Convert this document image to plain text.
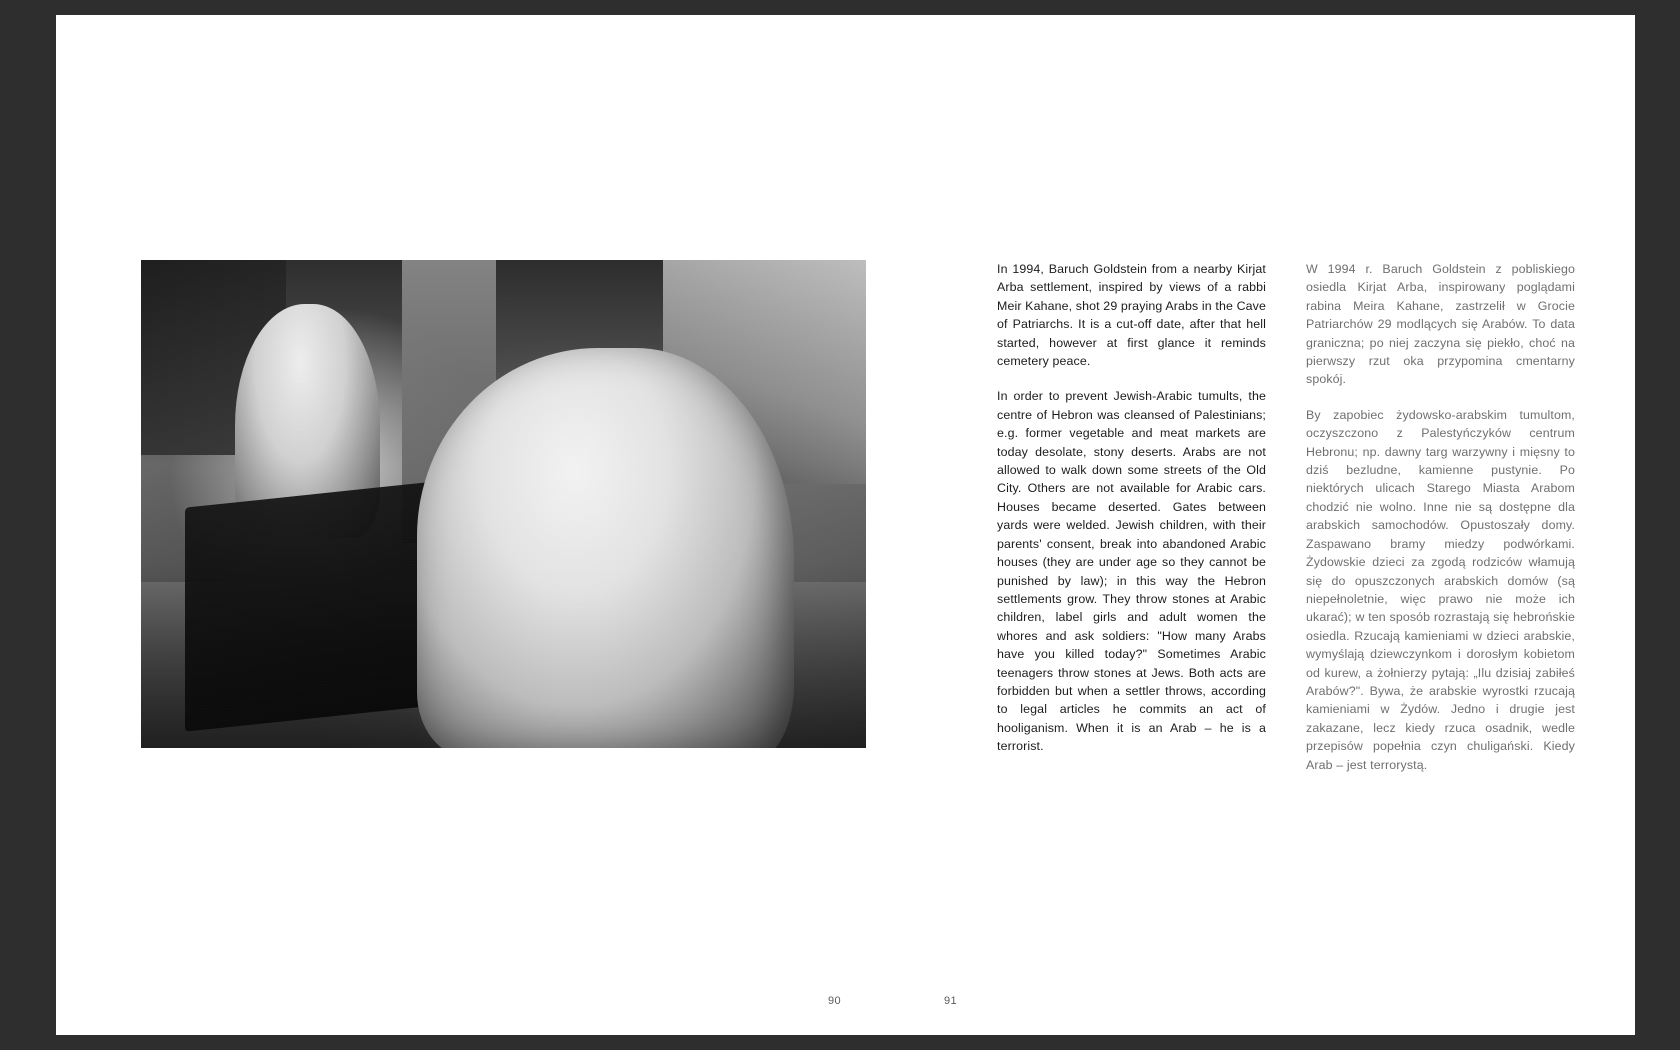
In 1994, Baruch Goldstein from a nearby Kirjat Arba settlement, inspired by views of a rabbi Meir Kahane, shot 29 praying Arabs in the Cave of Patriarchs. It is a cut-off date, after that hell started, however at first glance it reminds cemetery peace.

In order to prevent Jewish-Arabic tumults, the centre of Hebron was cleansed of Palestinians; e.g. former vegetable and meat markets are today desolate, stony deserts. Arabs are not allowed to walk down some streets of the Old City. Others are not available for Arabic cars. Houses became deserted. Gates between yards were welded. Jewish children, with their parents' consent, break into abandoned Arabic houses (they are under age so they cannot be punished by law); in this way the Hebron settlements grow. They throw stones at Arabic children, label girls and adult women the whores and ask soldiers: "How many Arabs have you killed today?" Sometimes Arabic teenagers throw stones at Jews. Both acts are forbidden but when a settler throws, according to legal articles he commits an act of hooliganism. When it is an Arab – he is a terrorist.

W 1994 r. Baruch Goldstein z pobliskiego osiedla Kirjat Arba, inspirowany poglądami rabina Meira Kahane, zastrzelił w Grocie Patriarchów 29 modlących się Arabów. To data graniczna; po niej zaczyna się piekło, choć na pierwszy rzut oka przypomina cmentarny spokój.

By zapobiec żydowsko-arabskim tumultom, oczyszczono z Palestyńczyków centrum Hebronu; np. dawny targ warzywny i mięsny to dziś bezludne, kamienne pustynie. Po niektórych ulicach Starego Miasta Arabom chodzić nie wolno. Inne nie są dostępne dla arabskich samochodów. Opustoszały domy. Zaspawano bramy miedzy podwórkami. Żydowskie dzieci za zgodą rodziców włamują się do opuszczonych arabskich domów (są niepełnoletnie, więc prawo nie może ich ukarać); w ten sposób rozrastają się hebrońskie osiedla. Rzucają kamieniami w dzieci arabskie, wymyślają dziewczynkom i dorosłym kobietom od kurew, a żołnierzy pytają: „Ilu dzisiaj zabiłeś Arabów?". Bywa, że arabskie wyrostki rzucają kamieniami w Żydów. Jedno i drugie jest zakazane, lecz kiedy rzuca osadnik, wedle przepisów popełnia czyn chuligański. Kiedy Arab – jest terrorystą.

90	91
